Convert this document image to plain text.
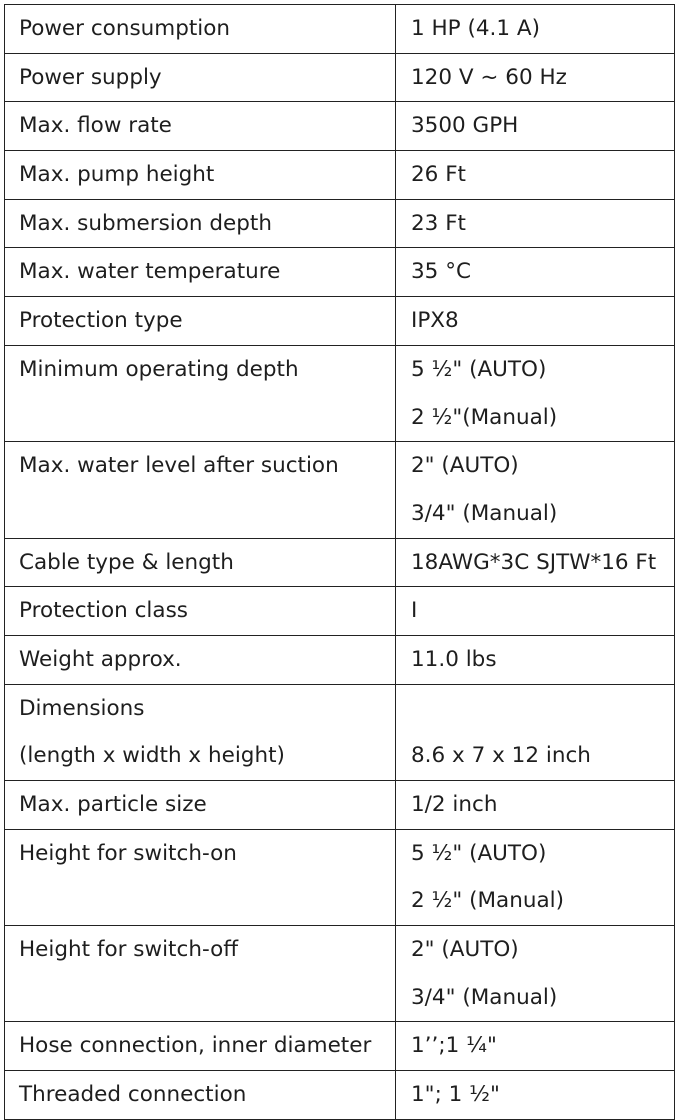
Power consumption	1 HP (4.1 A)

Power supply	120 V ~ 60 Hz

Max. flow rate	3500 GPH

Max. pump height	26 Ft

Max. submersion depth	23 Ft

Max. water temperature	35 °C

Protection type	IPX8

Minimum operating depth	5 ½" (AUTO)
2 ½"(Manual)

Max. water level after suction	2" (AUTO)
3/4" (Manual)

Cable type & length	18AWG*3C SJTW*16 Ft

Protection class	I

Weight approx.	11.0 lbs

Dimensions
(length x width x height)	8.6 x 7 x 12 inch

Max. particle size	1/2 inch

Height for switch-on	5 ½" (AUTO)
2 ½" (Manual)

Height for switch-off	2" (AUTO)
3/4" (Manual)

Hose connection, inner diameter	1’’;1 ¼"

Threaded connection	1"; 1 ½"
